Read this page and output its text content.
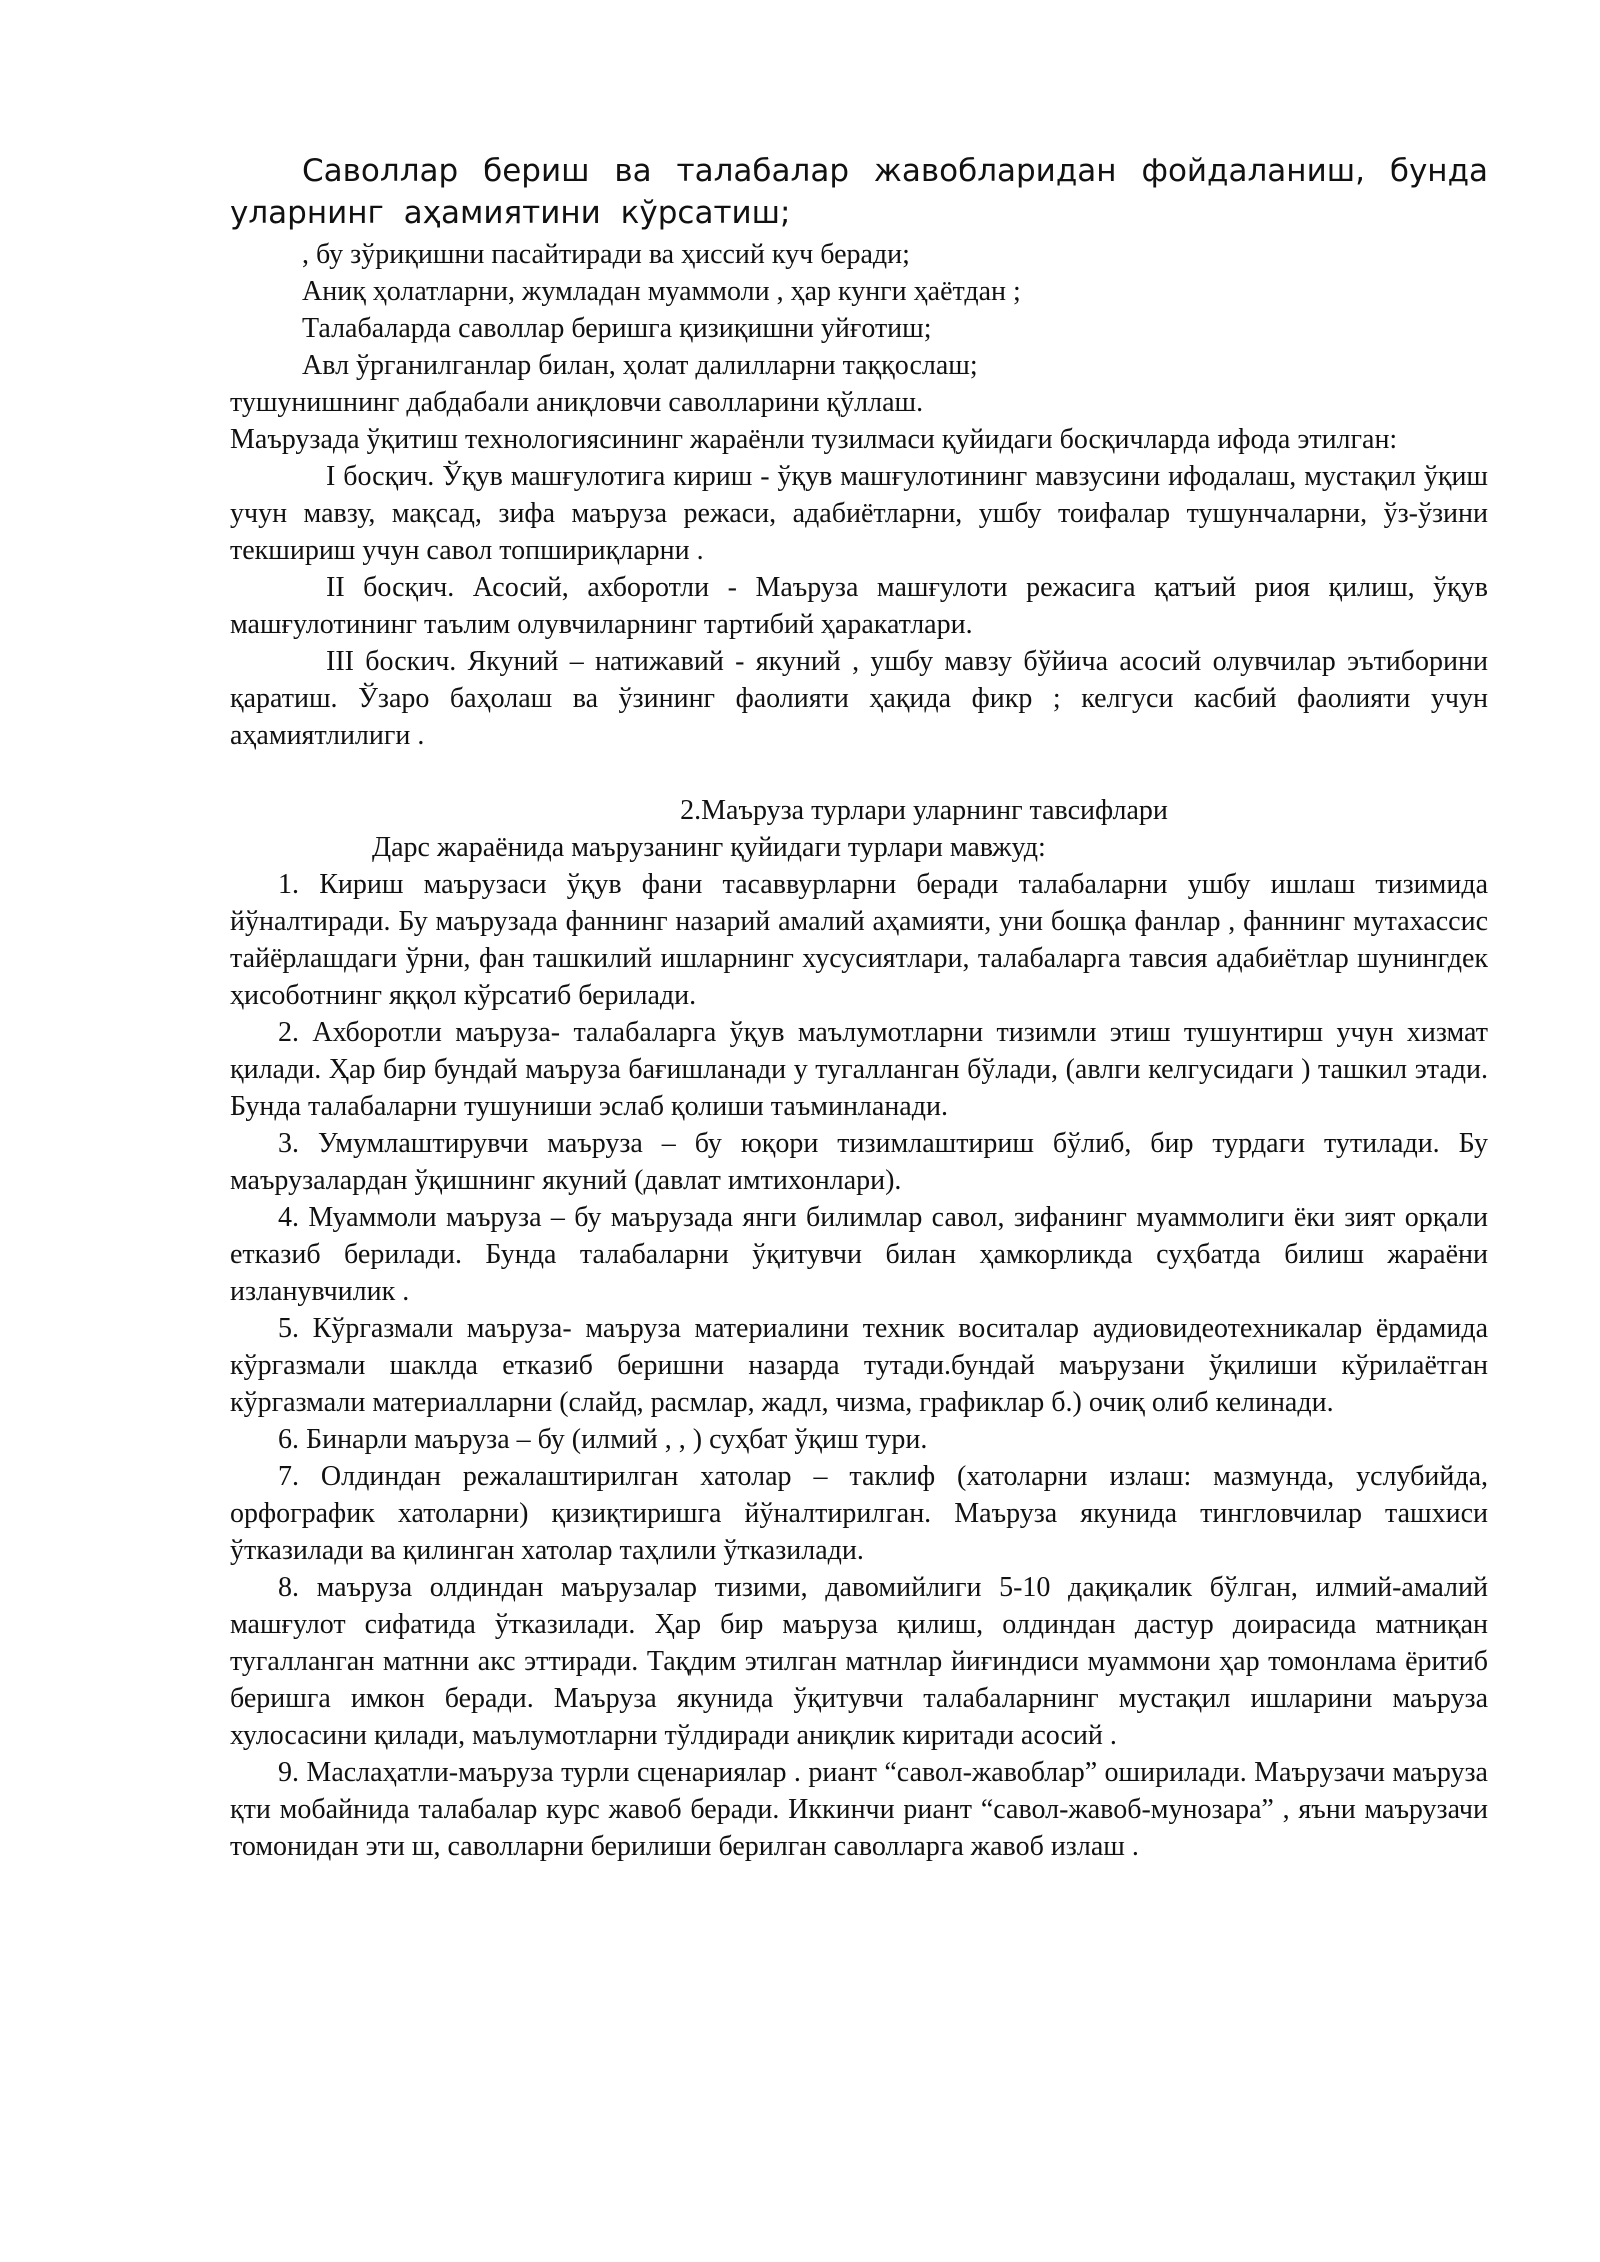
Саволлар бериш ва талабалар жавобларидан фойдаланиш, бунда уларнинг аҳамиятини кўрсатиш;

, бу зўриқишни пасайтиради ва ҳиссий куч беради;

Аниқ ҳолатларни, жумладан муаммоли , ҳар кунги ҳаётдан ;

Талабаларда саволлар беришга қизиқишни уйғотиш;

Авл ўрганилганлар билан, ҳолат далилларни таққослаш;

тушунишнинг дабдабали аниқловчи саволларини қўллаш.

Маърузада ўқитиш технологиясининг жараёнли тузилмаси қуйидаги босқичларда ифода этилган:

I босқич. Ўқув машғулотига кириш - ўқув машғулотининг мавзусини ифодалаш, мустақил ўқиш учун мавзу, мақсад, зифа маъруза режаси, адабиётларни, ушбу тоифалар тушунчаларни, ўз-ўзини текшириш учун савол топшириқларни .

II босқич. Асосий, ахборотли - Маъруза машғулоти режасига қатъий риоя қилиш, ўқув машғулотининг таълим олувчиларнинг тартибий ҳаракатлари.

III боскич. Якуний – натижавий - якуний , ушбу мавзу бўйича асосий олувчилар эътиборини қаратиш. Ўзаро баҳолаш ва ўзининг фаолияти ҳақида фикр ; келгуси касбий фаолияти учун аҳамиятлилиги .

2.Маъруза турлари уларнинг тавсифлари

Дарс жараёнида маърузанинг қуйидаги турлари мавжуд:

1. Кириш маърузаси ўқув фани тасаввурларни беради талабаларни ушбу ишлаш тизимида йўналтиради. Бу маърузада фаннинг назарий амалий аҳамияти, уни бошқа фанлар , фаннинг мутахассис тайёрлашдаги ўрни, фан ташкилий ишларнинг хусусиятлари, талабаларга тавсия адабиётлар шунингдек ҳисоботнинг яққол кўрсатиб берилади.

2. Ахборотли маъруза- талабаларга ўқув маълумотларни тизимли этиш тушунтирш учун хизмат қилади. Ҳар бир бундай маъруза бағишланади у тугалланган бўлади, (авлги келгусидаги ) ташкил этади. Бунда талабаларни тушуниши эслаб қолиши таъминланади.

3. Умумлаштирувчи маъруза – бу юқори тизимлаштириш бўлиб, бир турдаги тутилади. Бу маърузалардан ўқишнинг якуний (давлат имтихонлари).

4. Муаммоли маъруза – бу маърузада янги билимлар савол, зифанинг муаммолиги ёки зият орқали етказиб берилади. Бунда талабаларни ўқитувчи билан ҳамкорликда суҳбатда билиш жараёни изланувчилик .

5. Кўргазмали маъруза- маъруза материалини техник воситалар аудиовидеотехникалар ёрдамида кўргазмали шаклда етказиб беришни назарда тутади.бундай маърузани ўқилиши кўрилаётган кўргазмали материалларни (слайд, расмлар, жадл, чизма, графиклар б.) очиқ олиб келинади.

6. Бинарли маъруза – бу (илмий , , ) суҳбат ўқиш тури.

7. Олдиндан режалаштирилган хатолар – таклиф (хатоларни излаш: мазмунда, услубийда, орфографик хатоларни) қизиқтиришга йўналтирилган. Маъруза якунида тингловчилар ташхиси ўтказилади ва қилинган хатолар таҳлили ўтказилади.

8. маъруза олдиндан маърузалар тизими, давомийлиги 5-10 дақиқалик бўлган, илмий-амалий машғулот сифатида ўтказилади. Ҳар бир маъруза қилиш, олдиндан дастур доирасида матниқан тугалланган матнни акс эттиради. Тақдим этилган матнлар йиғиндиси муаммони ҳар томонлама ёритиб беришга имкон беради. Маъруза якунида ўқитувчи талабаларнинг мустақил ишларини маъруза хулосасини қилади, маълумотларни тўлдиради аниқлик киритади асосий .

9. Маслаҳатли-маъруза турли сценариялар . риант “савол-жавоблар” оширилади. Маърузачи маъруза қти мобайнида талабалар курс жавоб беради. Иккинчи риант “савол-жавоб-мунозара” , яъни маърузачи томонидан эти ш, саволларни берилиши берилган саволларга жавоб излаш .
